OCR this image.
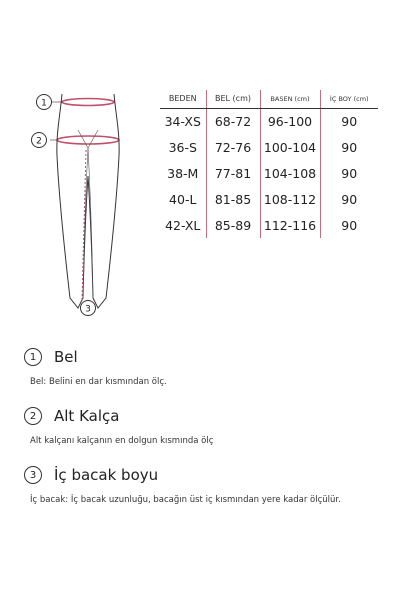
1
2
3
BEDEN	BEL (cm)	BASEN (cm)	İÇ BOY (cm)
34-XS	68-72	96-100	90
36-S	72-76	100-104	90
38-M	77-81	104-108	90
40-L	81-85	108-112	90
42-XL	85-89	112-116	90
1	Bel
Bel: Belini en dar kısmından ölç.
2	Alt Kalça
Alt kalçanı kalçanın en dolgun kısmında ölç
3	İç bacak boyu
İç bacak: İç bacak uzunluğu, bacağın üst iç kısmından yere kadar ölçülür.
